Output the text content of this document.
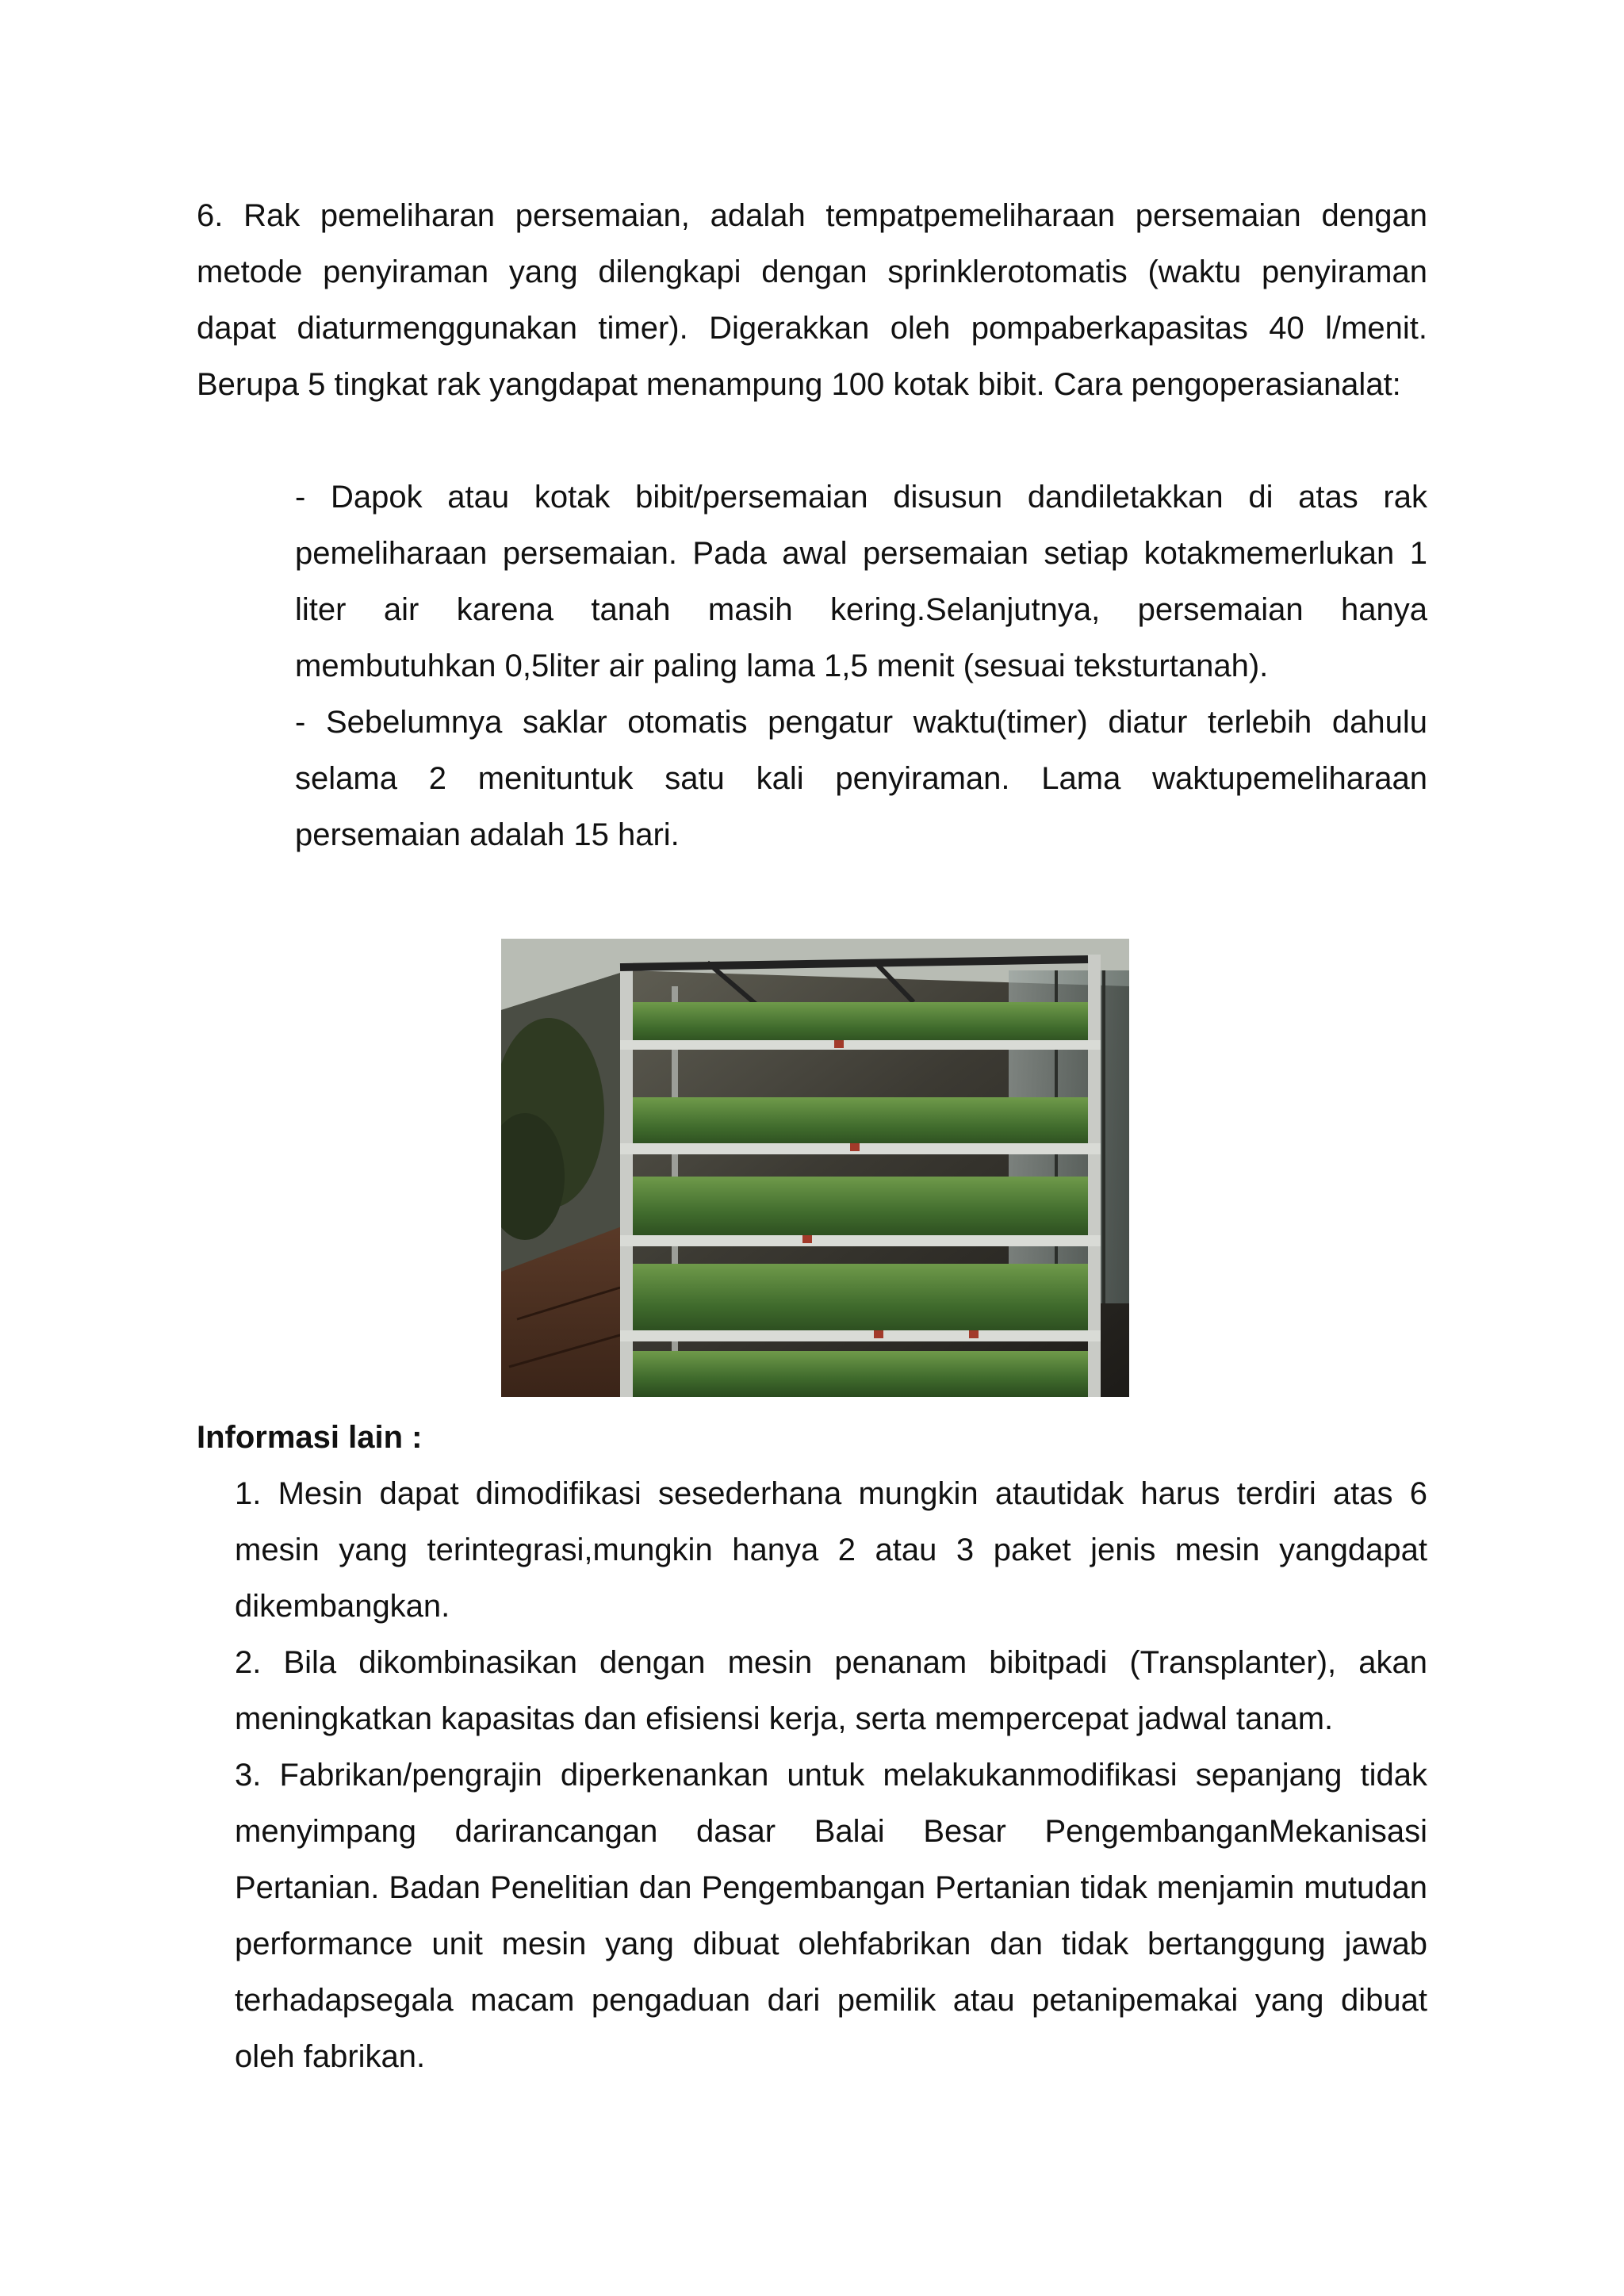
6. Rak pemeliharan persemaian, adalah tempatpemeliharaan persemaian dengan metode penyiraman yang dilengkapi dengan sprinklerotomatis (waktu penyiraman dapat diaturmenggunakan timer). Digerakkan oleh pompaberkapasitas 40 l/menit. Berupa 5 tingkat rak yangdapat menampung 100 kotak bibit. Cara pengoperasianalat:

- Dapok atau kotak bibit/persemaian disusun dandiletakkan di atas rak pemeliharaan persemaian. Pada awal persemaian setiap kotakmemerlukan 1 liter air karena tanah masih kering.Selanjutnya, persemaian hanya membutuhkan 0,5liter air paling lama 1,5 menit (sesuai teksturtanah).

- Sebelumnya saklar otomatis pengatur waktu(timer) diatur terlebih dahulu selama 2 menituntuk satu kali penyiraman. Lama waktupemeliharaan persemaian adalah 15 hari.

Informasi lain :

1. Mesin dapat dimodifikasi sesederhana mungkin atautidak harus terdiri atas 6 mesin yang terintegrasi,mungkin hanya 2 atau 3 paket jenis mesin yangdapat dikembangkan.

2. Bila dikombinasikan dengan mesin penanam bibitpadi (Transplanter), akan meningkatkan kapasitas dan efisiensi kerja, serta mempercepat jadwal tanam.

3. Fabrikan/pengrajin diperkenankan untuk melakukanmodifikasi sepanjang tidak menyimpang darirancangan dasar Balai Besar PengembanganMekanisasi Pertanian. Badan Penelitian dan Pengembangan Pertanian tidak menjamin mutudan performance unit mesin yang dibuat olehfabrikan dan tidak bertanggung jawab terhadapsegala macam pengaduan dari pemilik atau petanipemakai yang dibuat oleh fabrikan.
